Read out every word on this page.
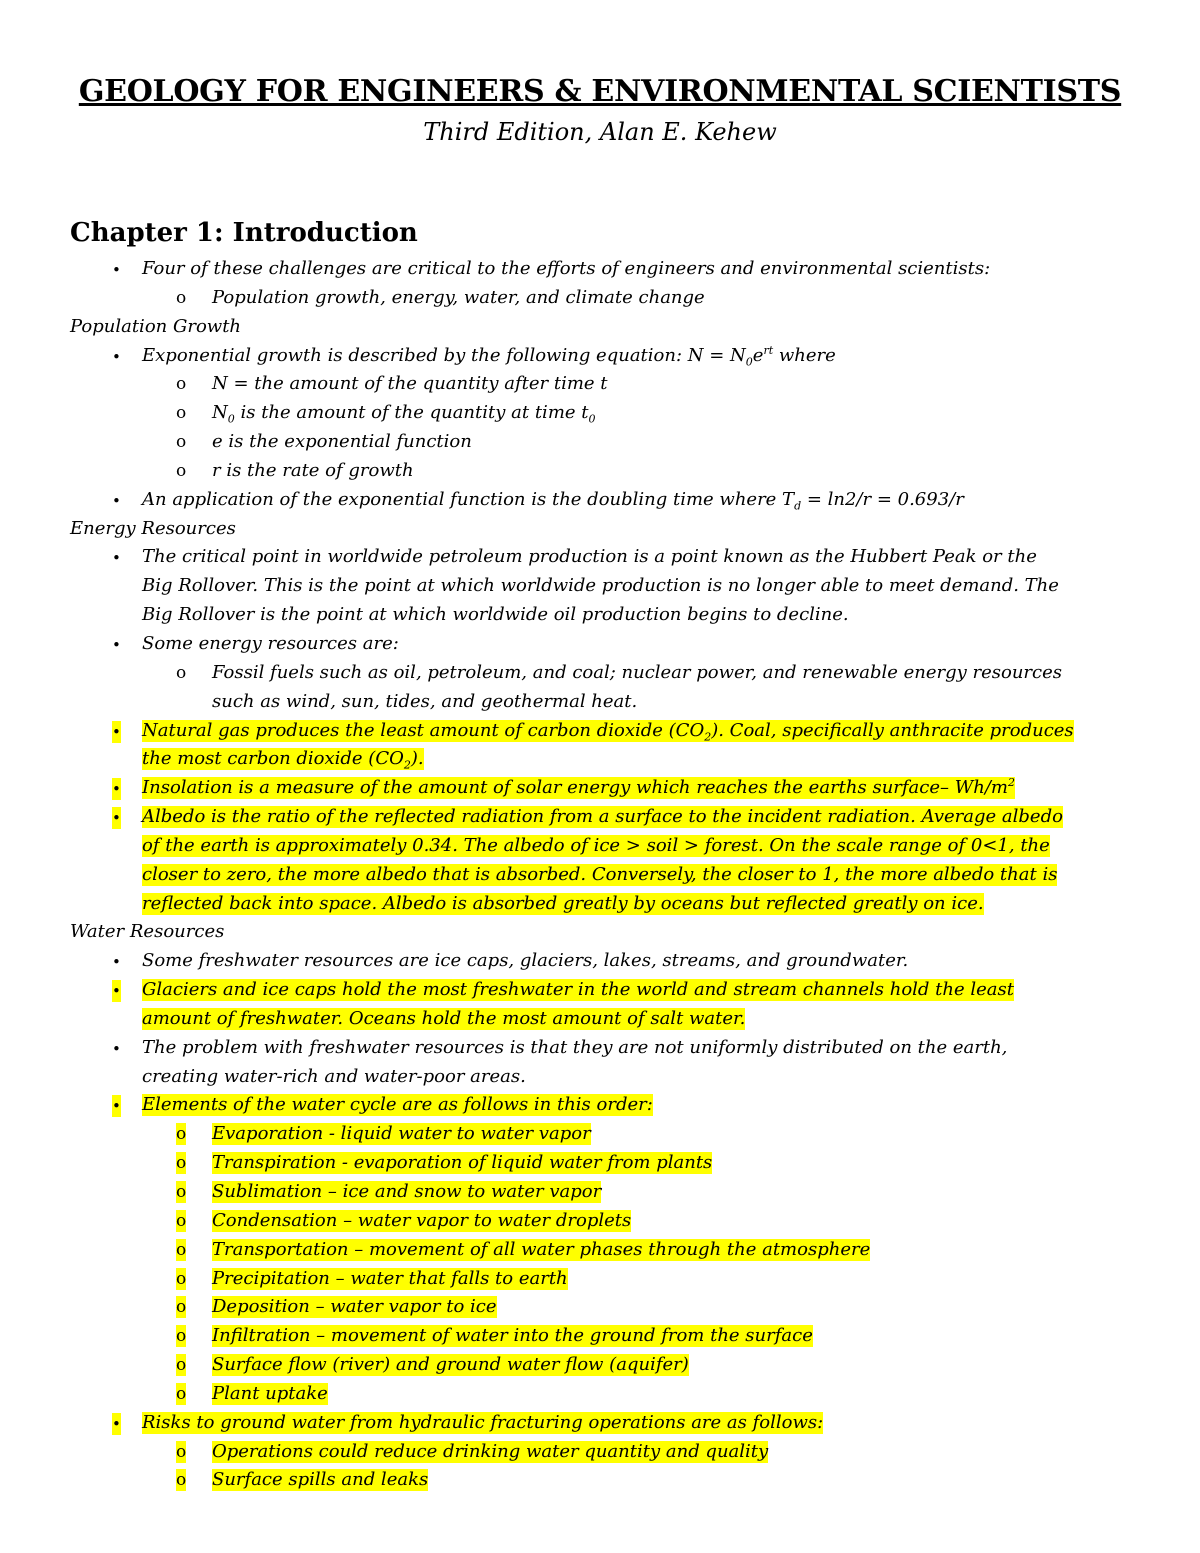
GEOLOGY FOR ENGINEERS & ENVIRONMENTAL SCIENTISTS
Third Edition, Alan E. Kehew
Chapter 1: Introduction
• Four of these challenges are critical to the efforts of engineers and environmental scientists:
o Population growth, energy, water, and climate change
Population Growth
• Exponential growth is described by the following equation: $N = N_0e^{rt}$ where
o N = the amount of the quantity after time t
o $N_0$ is the amount of the quantity at time $t_0$
o e is the exponential function
o r is the rate of growth
• An application of the exponential function is the doubling time where $T_d = \ln 2/r = 0.693/r$
Energy Resources
• The critical point in worldwide petroleum production is a point known as the Hubbert Peak or the
Big Rollover. This is the point at which worldwide production is no longer able to meet demand. The
Big Rollover is the point at which worldwide oil production begins to decline.
• Some energy resources are:
o Fossil fuels such as oil, petroleum, and coal; nuclear power, and renewable energy resources
such as wind, sun, tides, and geothermal heat.
• Natural gas produces the least amount of carbon dioxide $(CO_2)$. Coal, specifically anthracite produces
the most carbon dioxide $(CO_2)$.
• Insolation is a measure of the amount of solar energy which reaches the earths surface– $Wh/m^2$
• Albedo is the ratio of the reflected radiation from a surface to the incident radiation. Average albedo
of the earth is approximately 0.34. The albedo of ice > soil > forest. On the scale range of 0<1, the
closer to zero, the more albedo that is absorbed. Conversely, the closer to 1, the more albedo that is
reflected back into space. Albedo is absorbed greatly by oceans but reflected greatly on ice.
Water Resources
• Some freshwater resources are ice caps, glaciers, lakes, streams, and groundwater.
• Glaciers and ice caps hold the most freshwater in the world and stream channels hold the least
amount of freshwater. Oceans hold the most amount of salt water.
• The problem with freshwater resources is that they are not uniformly distributed on the earth,
creating water-rich and water-poor areas.
• Elements of the water cycle are as follows in this order:
o Evaporation - liquid water to water vapor
o Transpiration - evaporation of liquid water from plants
o Sublimation – ice and snow to water vapor
o Condensation – water vapor to water droplets
o Transportation – movement of all water phases through the atmosphere
o Precipitation – water that falls to earth
o Deposition – water vapor to ice
o Infiltration – movement of water into the ground from the surface
o Surface flow (river) and ground water flow (aquifer)
o Plant uptake
• Risks to ground water from hydraulic fracturing operations are as follows:
o Operations could reduce drinking water quantity and quality
o Surface spills and leaks
